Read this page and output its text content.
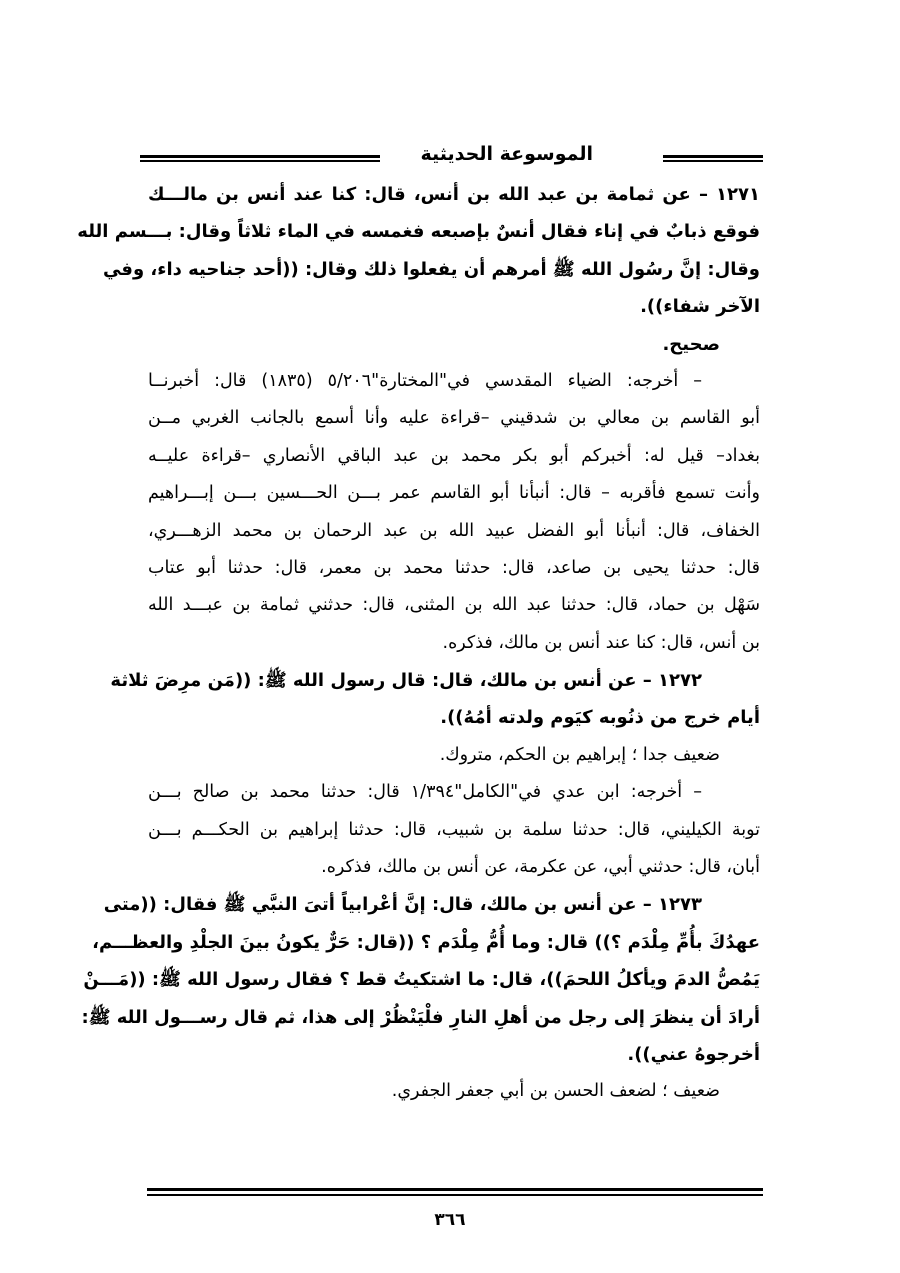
الموسوعة الحديثية
١٢٧١ – عن ثمامة بن عبد الله بن أنس، قال: كنا عند أنس بن مالـــك
فوقع ذبابٌ في إناء فقال أنسٌ بإصبعه فغمسه في الماء ثلاثاً وقال: بـــسم الله
وقال: إنَّ رسُول الله ﷺ أمرهم أن يفعلوا ذلك وقال: ((أحد جناحيه داء، وفي
الآخر شفاء)).
صحيح.
– أخرجه: الضياء المقدسي في"المختارة"٥/٢٠٦ (١٨٣٥) قال: أخبرنــا
أبو القاسم بن معالي بن شدقيني –قراءة عليه وأنا أسمع بالجانب الغربي مــن
بغداد– قيل له: أخبركم أبو بكر محمد بن عبد الباقي الأنصاري –قراءة عليــه
وأنت تسمع فأقربه – قال: أنبأنا أبو القاسم عمر بـــن الحـــسين بـــن إبـــراهيم
الخفاف، قال: أنبأنا أبو الفضل عبيد الله بن عبد الرحمان بن محمد الزهـــري،
قال: حدثنا يحيى بن صاعد، قال: حدثنا محمد بن معمر، قال: حدثنا أبو عتاب
سَهْل بن حماد، قال: حدثنا عبد الله بن المثنى، قال: حدثني ثمامة بن عبـــد الله
بن أنس، قال: كنا عند أنس بن مالك، فذكره.
١٢٧٢ – عن أنس بن مالك، قال: قال رسول الله ﷺ: ((مَن مرِضَ ثلاثة
أيام خرج من ذنُوبه كيَوم ولدته أمُهُ)).
ضعيف جدا ؛ إبراهيم بن الحكم، متروك.
– أخرجه: ابن عدي في"الكامل"١/٣٩٤ قال: حدثنا محمد بن صالح بـــن
توبة الكيليني، قال: حدثنا سلمة بن شبيب، قال: حدثنا إبراهيم بن الحكـــم بـــن
أبان، قال: حدثني أبي، عن عكرمة، عن أنس بن مالك، فذكره.
١٢٧٣ – عن أنس بن مالك، قال: إنَّ أعْرابياً أتىَ النبَّي ﷺ فقال: ((متى
عهدُكَ بأُمِّ مِلْدَم ؟)) قال: وما أُمُّ مِلْدَم ؟ ((قال: حَرٌّ يكونُ بينَ الجلْدِ والعظـــم،
يَمُصُّ الدمَ ويأكلُ اللحمَ))، قال: ما اشتكيتُ قط ؟ فقال رسول الله ﷺ: ((مَـــنْ
أرادَ أن ينظرَ إلى رجل من أهلِ النارِ فلْيَنْظُرْ إلى هذا، ثم قال رســـول الله ﷺ:
أخرجوهُ عني)).
ضعيف ؛ لضعف الحسن بن أبي جعفر الجفري.
٣٦٦
